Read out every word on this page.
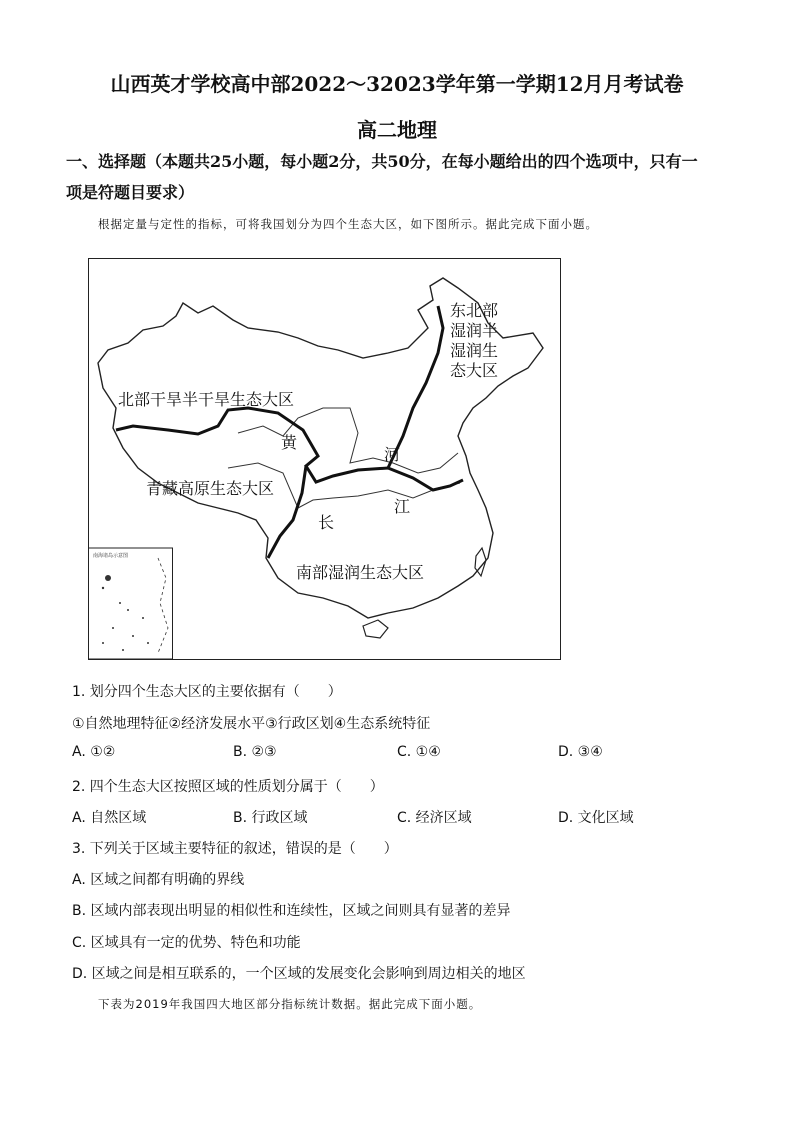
山西英才学校高中部2022～32023学年第一学期12月月考试卷
高二地理
一、选择题（本题共25小题，每小题2分，共50分，在每小题给出的四个选项中，只有一
项是符题目要求）
根据定量与定性的指标，可将我国划分为四个生态大区，如下图所示。据此完成下面小题。
南海诸岛示意图
北部干旱半干旱生态大区
青藏高原生态大区
南部湿润生态大区
东北部
湿润半
湿润生
态大区
黄
河
长
江
1. 划分四个生态大区的主要依据有（　　）
①自然地理特征②经济发展水平③行政区划④生态系统特征
A. ①②	B. ②③	C. ①④	D. ③④
2. 四个生态大区按照区域的性质划分属于（　　）
A. 自然区域	B. 行政区域	C. 经济区域	D. 文化区域
3. 下列关于区域主要特征的叙述，错误的是（　　）
A. 区域之间都有明确的界线
B. 区域内部表现出明显的相似性和连续性，区域之间则具有显著的差异
C. 区域具有一定的优势、特色和功能
D. 区域之间是相互联系的，一个区域的发展变化会影响到周边相关的地区
下表为2019年我国四大地区部分指标统计数据。据此完成下面小题。
